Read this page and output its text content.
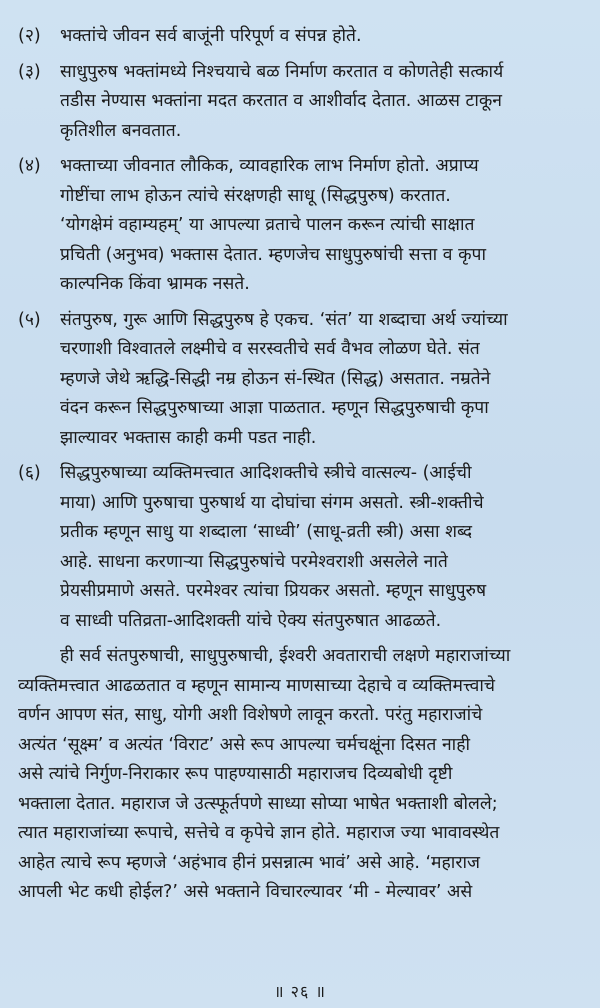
(२) भक्तांचे जीवन सर्व बाजूंनी परिपूर्ण व संपन्न होते.
(३) साधुपुरुष भक्तांमध्ये निश्चयाचे बळ निर्माण करतात व कोणतेही सत्कार्य
तडीस नेण्यास भक्तांना मदत करतात व आशीर्वाद देतात. आळस टाकून
कृतिशील बनवतात.
(४) भक्ताच्या जीवनात लौकिक, व्यावहारिक लाभ निर्माण होतो. अप्राप्य
गोष्टींचा लाभ होऊन त्यांचे संरक्षणही साधू (सिद्धपुरुष) करतात.
‘योगक्षेमं वहाम्यहम्’ या आपल्या व्रताचे पालन करून त्यांची साक्षात
प्रचिती (अनुभव) भक्तास देतात. म्हणजेच साधुपुरुषांची सत्ता व कृपा
काल्पनिक किंवा भ्रामक नसते.
(५) संतपुरुष, गुरू आणि सिद्धपुरुष हे एकच. ‘संत’ या शब्दाचा अर्थ ज्यांच्या
चरणाशी विश्वातले लक्ष्मीचे व सरस्वतीचे सर्व वैभव लोळण घेते. संत
म्हणजे जेथे ऋद्धि-सिद्धी नम्र होऊन सं-स्थित (सिद्ध) असतात. नम्रतेने
वंदन करून सिद्धपुरुषाच्या आज्ञा पाळतात. म्हणून सिद्धपुरुषाची कृपा
झाल्यावर भक्तास काही कमी पडत नाही.
(६) सिद्धपुरुषाच्या व्यक्तिमत्त्वात आदिशक्तीचे स्त्रीचे वात्सल्य- (आईची
माया) आणि पुरुषाचा पुरुषार्थ या दोघांचा संगम असतो. स्त्री-शक्तीचे
प्रतीक म्हणून साधु या शब्दाला ‘साध्वी’ (साधू-व्रती स्त्री) असा शब्द
आहे. साधना करणाऱ्या सिद्धपुरुषांचे परमेश्वराशी असलेले नाते
प्रेयसीप्रमाणे असते. परमेश्वर त्यांचा प्रियकर असतो. म्हणून साधुपुरुष
व साध्वी पतिव्रता-आदिशक्ती यांचे ऐक्य संतपुरुषात आढळते.
ही सर्व संतपुरुषाची, साधुपुरुषाची, ईश्वरी अवताराची लक्षणे महाराजांच्या
व्यक्तिमत्त्वात आढळतात व म्हणून सामान्य माणसाच्या देहाचे व व्यक्तिमत्त्वाचे
वर्णन आपण संत, साधु, योगी अशी विशेषणे लावून करतो. परंतु महाराजांचे
अत्यंत ‘सूक्ष्म’ व अत्यंत ‘विराट’ असे रूप आपल्या चर्मचक्षूंना दिसत नाही
असे त्यांचे निर्गुण-निराकार रूप पाहण्यासाठी महाराजच दिव्यबोधी दृष्टी
भक्ताला देतात. महाराज जे उत्स्फूर्तपणे साध्या सोप्या भाषेत भक्ताशी बोलले;
त्यात महाराजांच्या रूपाचे, सत्तेचे व कृपेचे ज्ञान होते. महाराज ज्या भावावस्थेत
आहेत त्याचे रूप म्हणजे ‘अहंभाव हीनं प्रसन्नात्म भावं’ असे आहे. ‘महाराज
आपली भेट कधी होईल?’ असे भक्ताने विचारल्यावर ‘मी - मेल्यावर’ असे
॥ २६ ॥
